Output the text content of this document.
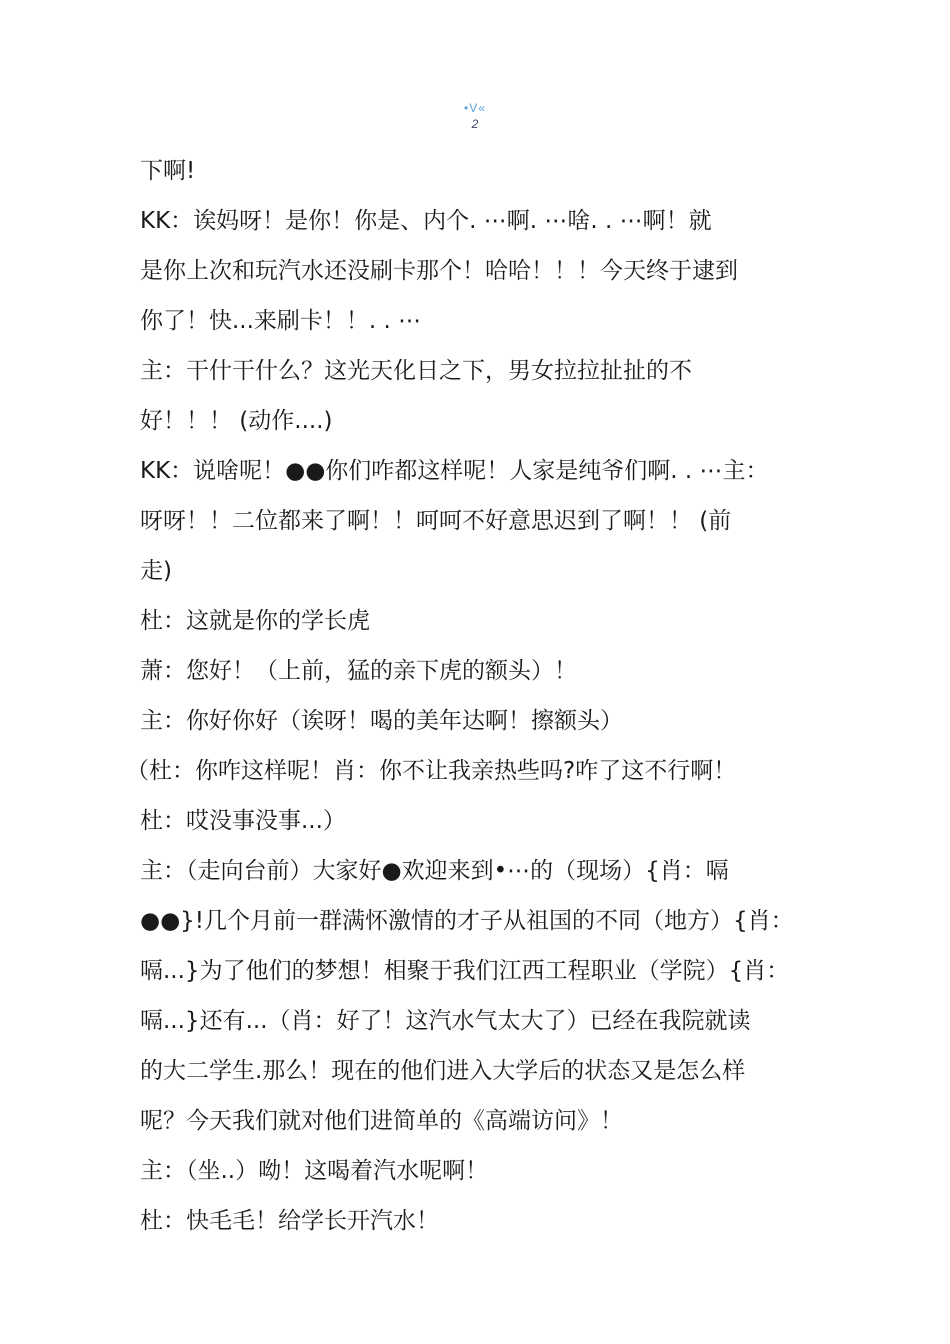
•V«
2
下啊!
KK：诶妈呀！是你！你是、内个. ⋯啊. ⋯啥. . ⋯啊！就
是你上次和玩汽水还没刷卡那个！哈哈！！！今天终于逮到
你了！快...来刷卡！！. . ⋯
主：干什干什么？这光天化日之下，男女拉拉扯扯的不
好！！！ (动作....)
KK：说啥呢！●●你们咋都这样呢！人家是纯爷们啊. . ⋯主：
呀呀！！二位都来了啊！！呵呵不好意思迟到了啊！！ (前
走)
杜：这就是你的学长虎
萧：您好！（上前，猛的亲下虎的额头）！
主：你好你好（诶呀！喝的美年达啊！擦额头）
（杜：你咋这样呢！肖：你不让我亲热些吗?咋了这不行啊！
杜：哎没事没事...）
主：（走向台前）大家好●欢迎来到•⋯的（现场）{肖：嗝
●●}!几个月前一群满怀激情的才子从祖国的不同（地方）{肖：
嗝...}为了他们的梦想！相聚于我们江西工程职业（学院）{肖：
嗝...}还有...（肖：好了！这汽水气太大了）已经在我院就读
的大二学生.那么！现在的他们进入大学后的状态又是怎么样
呢？今天我们就对他们进简单的《高端访问》！
主：（坐..）呦！这喝着汽水呢啊！
杜：快毛毛！给学长开汽水！
